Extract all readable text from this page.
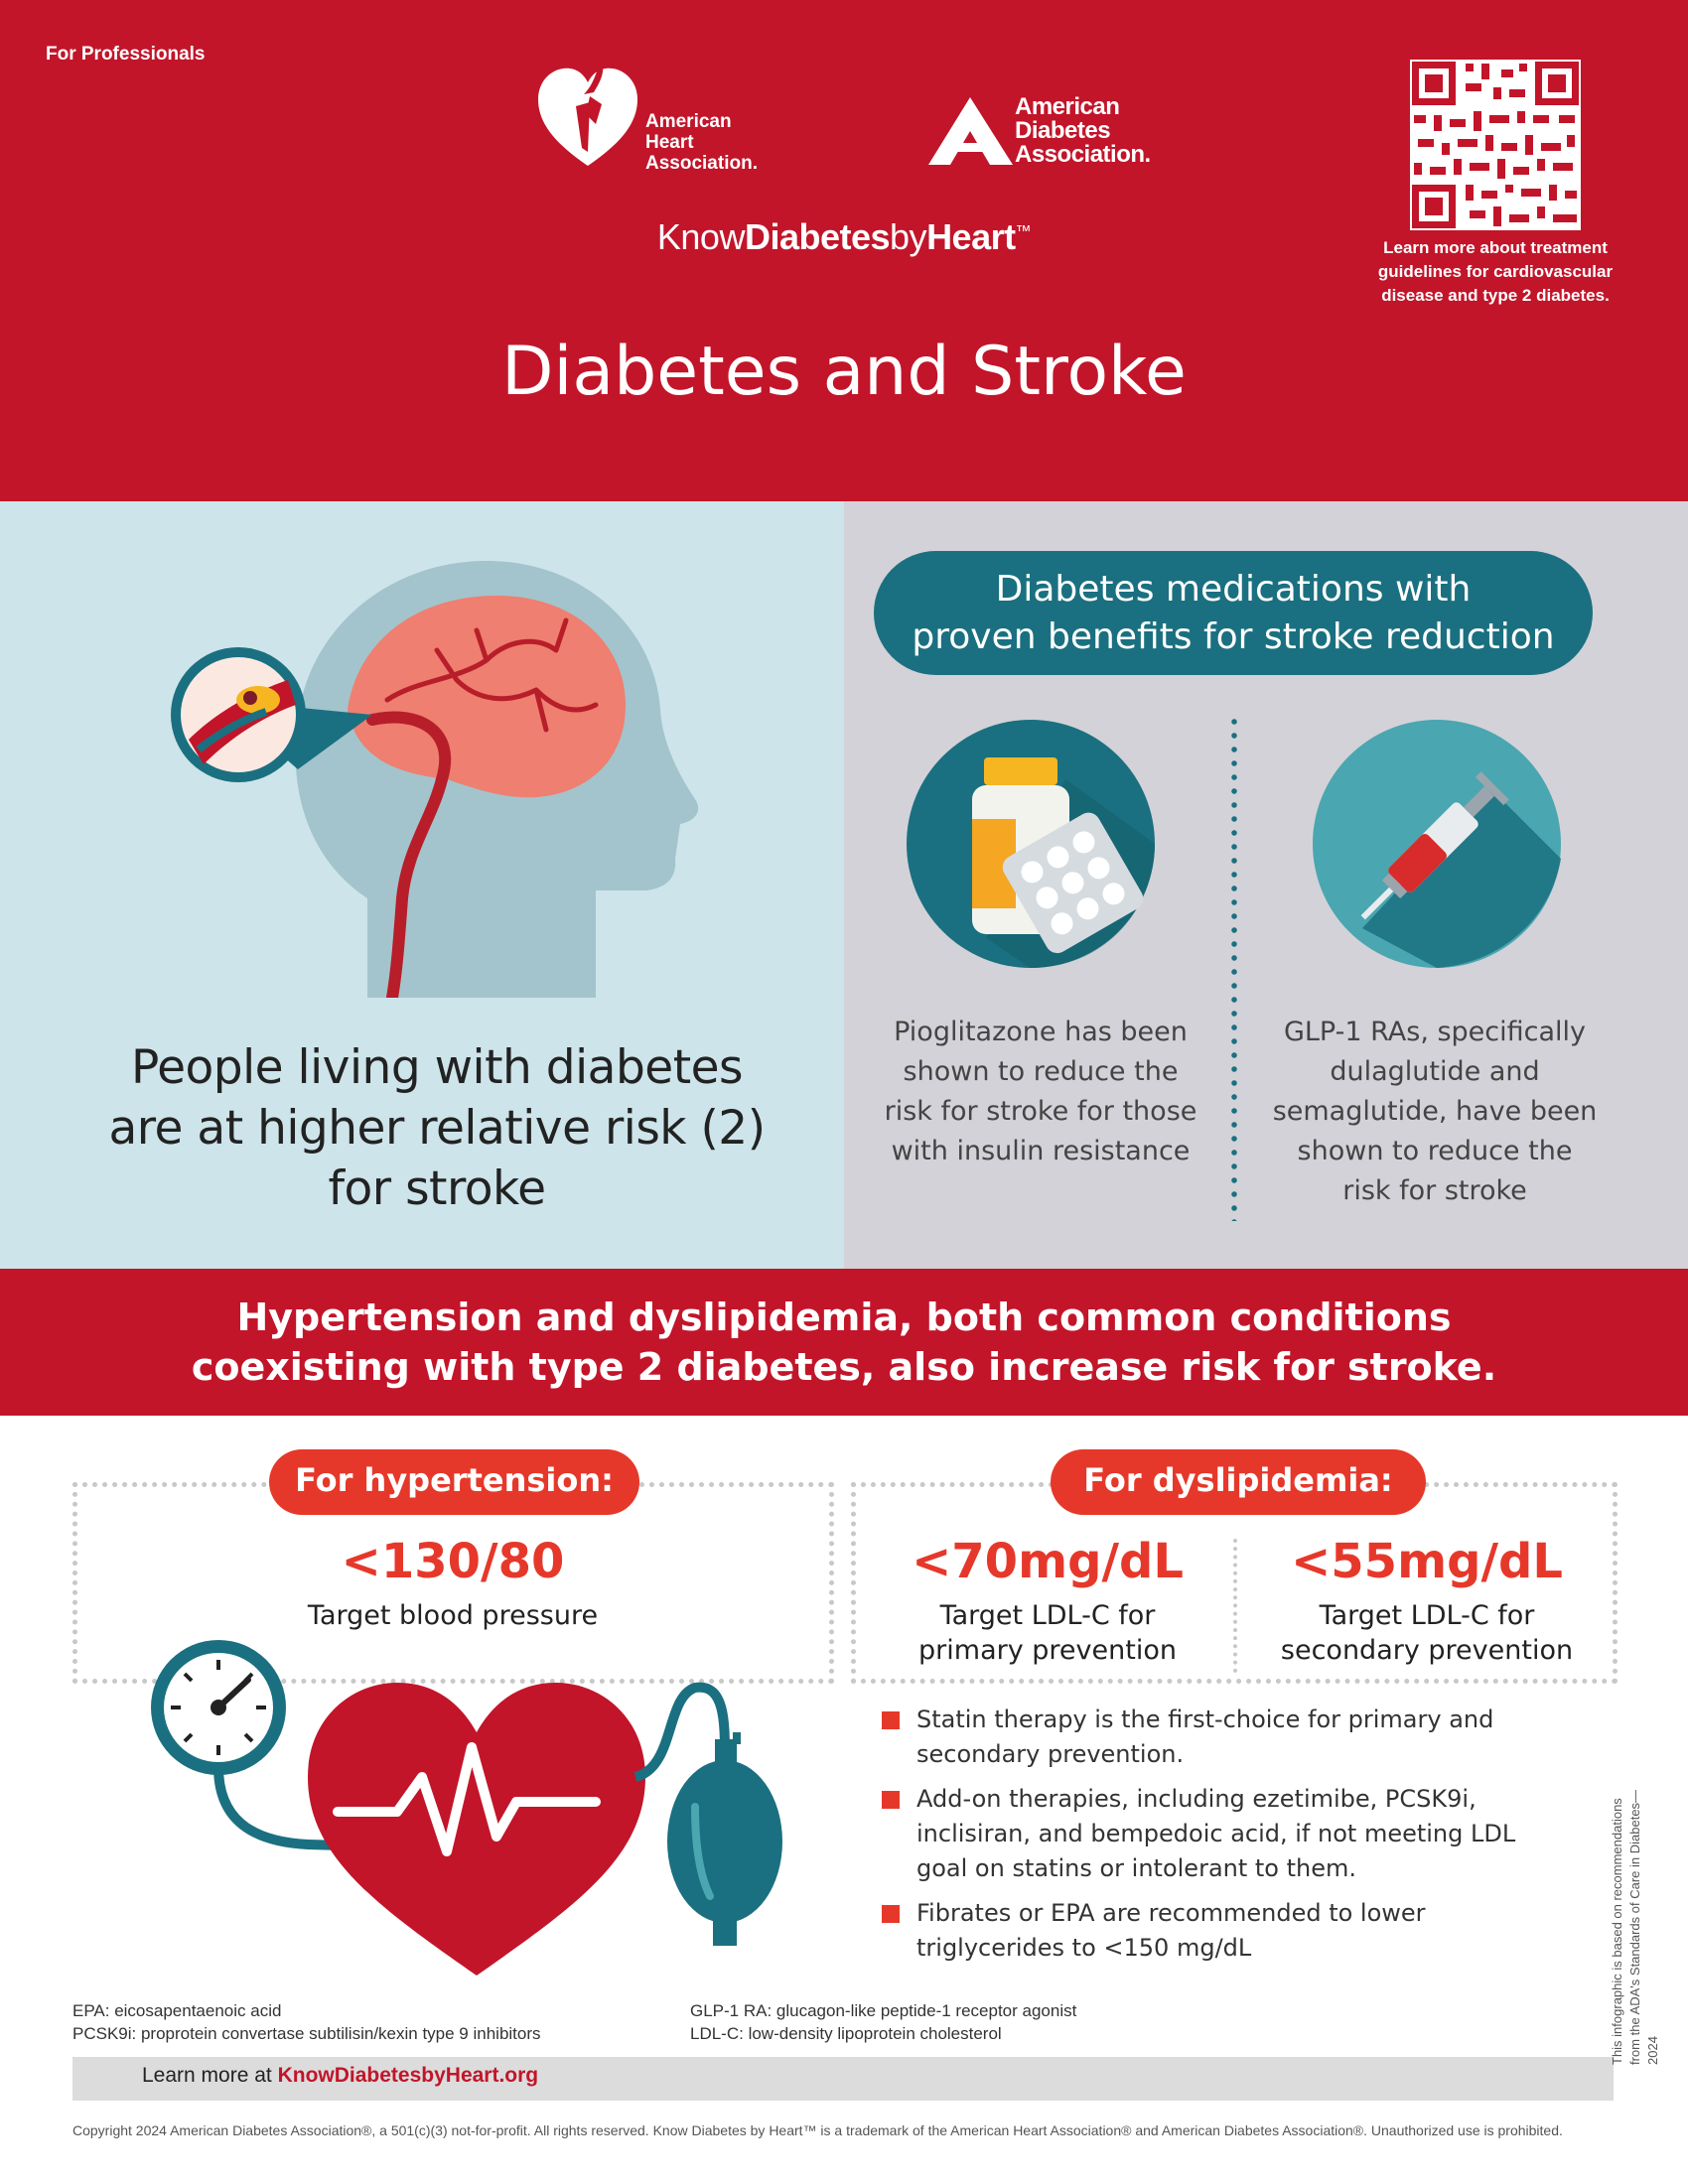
For Professionals
American
Heart
Association.
American
Diabetes
Association.
KnowDiabetesbyHeart™
Diabetes and Stroke
Learn more about treatment guidelines for cardiovascular disease and type 2 diabetes.
People living with diabetes are at higher relative risk (2) for stroke
Diabetes medications with
proven benefits for stroke reduction
Pioglitazone has been shown to reduce the risk for stroke for those with insulin resistance
GLP-1 RAs, specifically dulaglutide and semaglutide, have been shown to reduce the risk for stroke
Hypertension and dyslipidemia, both common conditions
coexisting with type 2 diabetes, also increase risk for stroke.
For hypertension:
<130/80
Target blood pressure
For dyslipidemia:
<70mg/dL
Target LDL-C for
primary prevention
<55mg/dL
Target LDL-C for
secondary prevention
Statin therapy is the first-choice for primary and secondary prevention.
Add-on therapies, including ezetimibe, PCSK9i, inclisiran, and bempedoic acid, if not meeting LDL goal on statins or intolerant to them.
Fibrates or EPA are recommended to lower triglycerides to <150 mg/dL
EPA: eicosapentaenoic acid
PCSK9i: proprotein convertase subtilisin/kexin type 9 inhibitors
GLP-1 RA: glucagon-like peptide-1 receptor agonist
LDL-C: low-density lipoprotein cholesterol
Learn more at KnowDiabetesbyHeart.org
Copyright 2024 American Diabetes Association®, a 501(c)(3) not-for-profit. All rights reserved. Know Diabetes by Heart™ is a trademark of the American Heart Association® and American Diabetes Association®. Unauthorized use is prohibited.
This infographic is based on recommendations from the ADA's Standards of Care in Diabetes—2024
